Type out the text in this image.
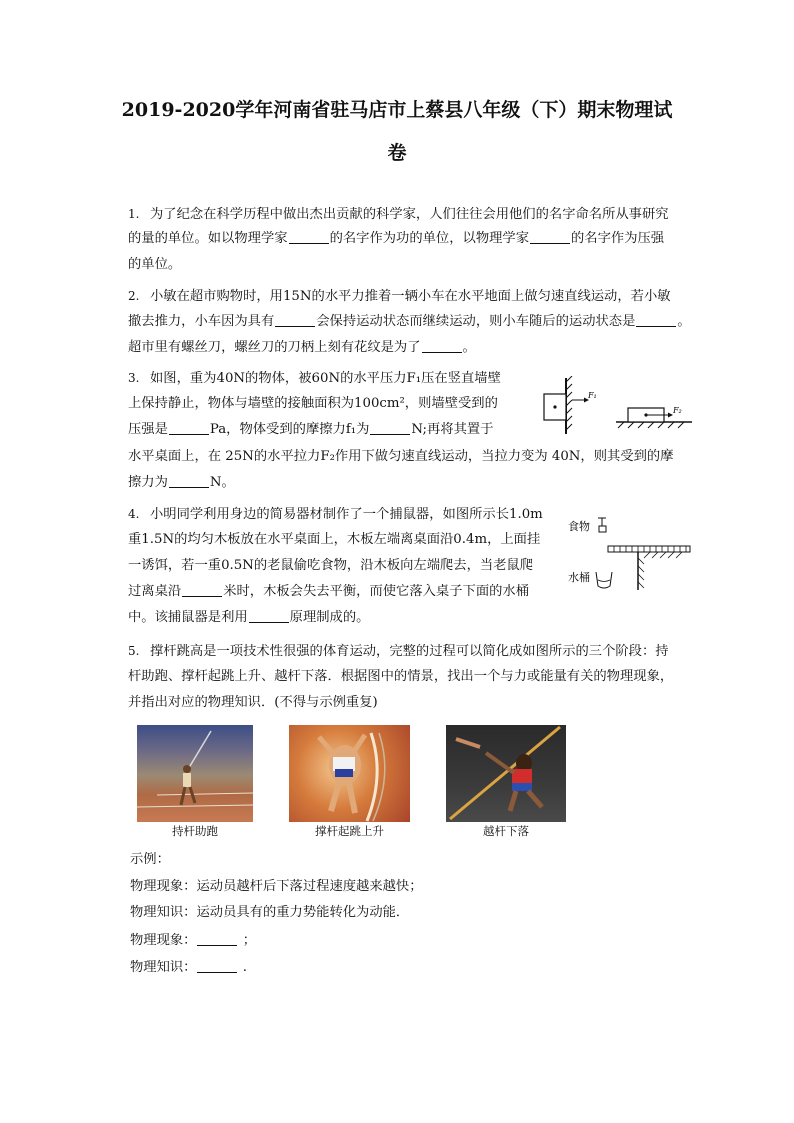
2019-2020学年河南省驻马店市上蔡县八年级（下）期末物理试
卷
1. 为了纪念在科学历程中做出杰出贡献的科学家，人们往往会用他们的名字命名所从事研究
的量的单位。如以物理学家	的名字作为功的单位，以物理学家	的名字作为压强
的单位。
2. 小敏在超市购物时，用15N的水平力推着一辆小车在水平地面上做匀速直线运动，若小敏
撤去推力，小车因为具有	会保持运动状态而继续运动，则小车随后的运动状态是	。
超市里有螺丝刀，螺丝刀的刀柄上刻有花纹是为了	。
3. 如图，重为40N的物体，被60N的水平压力F₁压在竖直墙壁
上保持静止，物体与墙壁的接触面积为100cm²，则墙壁受到的
压强是	Pa，物体受到的摩擦力f₁为	N;再将其置于
水平桌面上，在 25N的水平拉力F₂作用下做匀速直线运动，当拉力变为 40N，则其受到的摩
擦力为	N。
F₁
F₂
4. 小明同学利用身边的简易器材制作了一个捕鼠器，如图所示长1.0m
重1.5N的均匀木板放在水平桌面上，木板左端离桌面沿0.4m，上面挂
一诱饵，若一重0.5N的老鼠偷吃食物，沿木板向左端爬去，当老鼠爬
过离桌沿	米时，木板会失去平衡，而使它落入桌子下面的水桶
中。该捕鼠器是利用	原理制成的。
食物
水桶
5. 撑杆跳高是一项技术性很强的体育运动，完整的过程可以简化成如图所示的三个阶段：持
杆助跑、撑杆起跳上升、越杆下落．根据图中的情景，找出一个与力或能量有关的物理现象，
并指出对应的物理知识．(不得与示例重复)
持杆助跑	撑杆起跳上升	越杆下落
示例：
物理现象：运动员越杆后下落过程速度越来越快；
物理知识：运动员具有的重力势能转化为动能．
物理现象：	；
物理知识：	.
